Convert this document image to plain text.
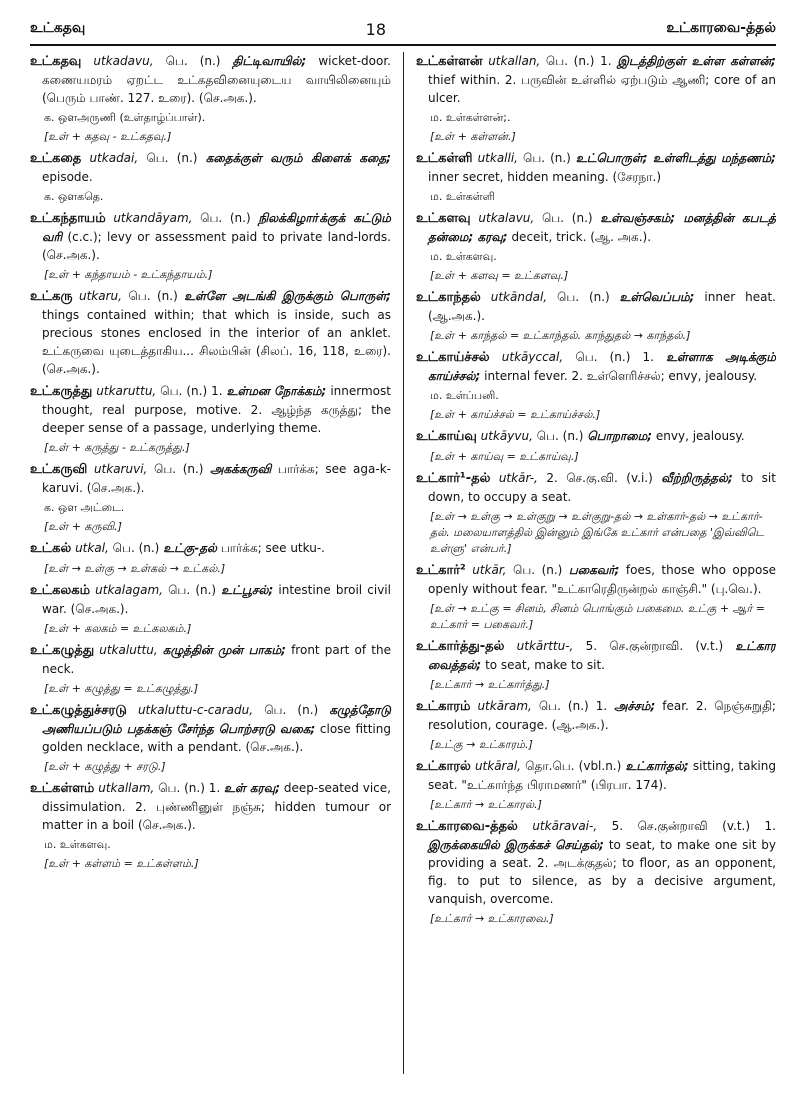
உட்கதவு	18	உட்காரவை-த்தல்

உட்கதவு utkadavu, பெ. (n.) திட்டிவாயில்; wicket-door. கணையமரம் ஏறட்ட உட்கதவினையுடைய வாயிலினையும் (பெரும் பாண். 127. உரை). (செ.அக.).

க. ஒளஅருணி (உள்தாழ்ப்பாள்).
[உள் + கதவு - உட்கதவு.]

உட்கதை utkadai, பெ. (n.) கதைக்குள் வரும் கிளைக் கதை; episode.

க. ஒளகதெ.

உட்கந்தாயம் utkandāyam, பெ. (n.) நிலக்கிழாா்க்குக் கட்டும் வரி (c.c.); levy or assessment paid to private land-lords. (செ.அக.).

[உள் + கந்தாயம் - உட்கந்தாயம்.]

உட்கரு utkaru, பெ. (n.) உள்ளே அடங்கி இருக்கும் பொருள்; things contained within; that which is inside, such as precious stones enclosed in the interior of an anklet. உட்கருவை யுடைத்தாகிய... சிலம்பின் (சிலப். 16, 118, உரை). (செ.அக.).

உட்கருத்து utkaruttu, பெ. (n.) 1. உள்மன நோக்கம்; innermost thought, real purpose, motive. 2. ஆழ்ந்த கருத்து; the deeper sense of a passage, underlying theme.

[உள் + கருத்து - உட்கருத்து.]

உட்கருவி utkaruvi, பெ. (n.) அகக்கருவி பார்க்க; see aga-k-karuvi. (செ.அக.).

க. ஒள அட்டை.
[உள் + கருவி.]

உட்கல் utkal, பெ. (n.) உட்கு-தல் பார்க்க; see utku-.

[உள் → உள்கு → உள்கல் → உட்கல்.]

உட்கலகம் utkalagam, பெ. (n.) உட்பூசல்; intestine broil civil war. (செ.அக.).

[உள் + கலகம் = உட்கலகம்.]

உட்கழுத்து utkaluttu, கழுத்தின் முன் பாகம்; front part of the neck.

[உள் + கழுத்து = உட்கழுத்து.]

உட்கழுத்துச்சரடு utkaluttu-c-caradu, பெ. (n.) கழுத்தோடு அணியப்படும் பதக்கஞ் சேர்ந்த பொற்சரடு வகை; close fitting golden necklace, with a pendant. (செ.அக.).

[உள் + கழுத்து + சரடு.]

உட்கள்ளம் utkallam, பெ. (n.) 1. உள் கரவு; deep-seated vice, dissimulation. 2. புண்ணினுள் நஞ்சு; hidden tumour or matter in a boil (செ.அக.).

ம. உள்களவு.
[உள் + கள்ளம் = உட்கள்ளம்.]

உட்கள்ளன் utkallan, பெ. (n.) 1. இடத்திற்குள் உள்ள கள்ளன்; thief within. 2. பருவின் உள்ளில் ஏற்படும் ஆணி; core of an ulcer.

ம. உள்கள்ளன்;.
[உள் + கள்ளன்.]

உட்கள்ளி utkalli, பெ. (n.) உட்பொருள்; உள்ளிடத்து மந்தணம்; inner secret, hidden meaning. (சேரநா.)

ம. உள்கள்ளி

உட்களவு utkalavu, பெ. (n.) உள்வஞ்சகம்; மனத்தின் கபடத் தன்மை; கரவு; deceit, trick. (ஆ. அக.).

ம. உள்களவு.
[உள் + களவு = உட்களவு.]

உட்காந்தல் utkāndal, பெ. (n.) உள்வெப்பம்; inner heat. (ஆ.அக.).

[உள் + காந்தல் = உட்காந்தல். காந்துதல் → காந்தல்.]

உட்காய்ச்சல் utkāyccal, பெ. (n.) 1. உள்ளாக அடிக்கும் காய்ச்சல்; internal fever. 2. உள்ளெரிச்சல்; envy, jealousy.

ம. உள்ப்பனி.
[உள் + காய்ச்சல் = உட்காய்ச்சல்.]

உட்காய்வு utkāyvu, பெ. (n.) பொறாமை; envy, jealousy.

[உள் + காய்வு = உட்காய்வு.]

உட்கார்¹-தல் utkār-, 2. செ.கு.வி. (v.i.) வீற்றிருத்தல்; to sit down, to occupy a seat.

[உள் → உள்கு → உள்குறு → உள்குறு-தல் → உள்கார்-தல் → உட்கார்-தல். மலையாளத்தில் இன்னும் இங்கே உட்கார் என்பதை 'இவ்விடெ உள்ளு' என்பர்.]

உட்கார்² utkār, பெ. (n.) பகைவர்; foes, those who oppose openly without fear. "உட்காரெதிருன்றல் காஞ்சி." (பு.வெ.).

[உள் → உட்கு = சினம், சினம் பொங்கும் பகைமை. உட்கு + ஆர் = உட்கார் = பகைவர்.]

உட்கார்த்து-தல் utkārttu-, 5. செ.குன்றாவி. (v.t.) உட்கார வைத்தல்; to seat, make to sit.

[உட்கார் → உட்கார்த்து.]

உட்காரம் utkāram, பெ. (n.) 1. அச்சம்; fear. 2. நெஞ்சுறுதி; resolution, courage. (ஆ.அக.).

[உட்கு → உட்காரம்.]

உட்காரல் utkāral, தொ.பெ. (vbl.n.) உட்கார்தல்; sitting, taking seat. "உட்கார்ந்த பிராமணர்" (பிரபா. 174).

[உட்கார் → உட்காரல்.]

உட்காரவை-த்தல் utkāravai-, 5. செ.குன்றாவி (v.t.) 1. இருக்கையில் இருக்கச் செய்தல்; to seat, to make one sit by providing a seat. 2. அடக்குதல்; to floor, as an opponent, fig. to put to silence, as by a decisive argument, vanquish, overcome.

[உட்கார் → உட்காரவை.]
